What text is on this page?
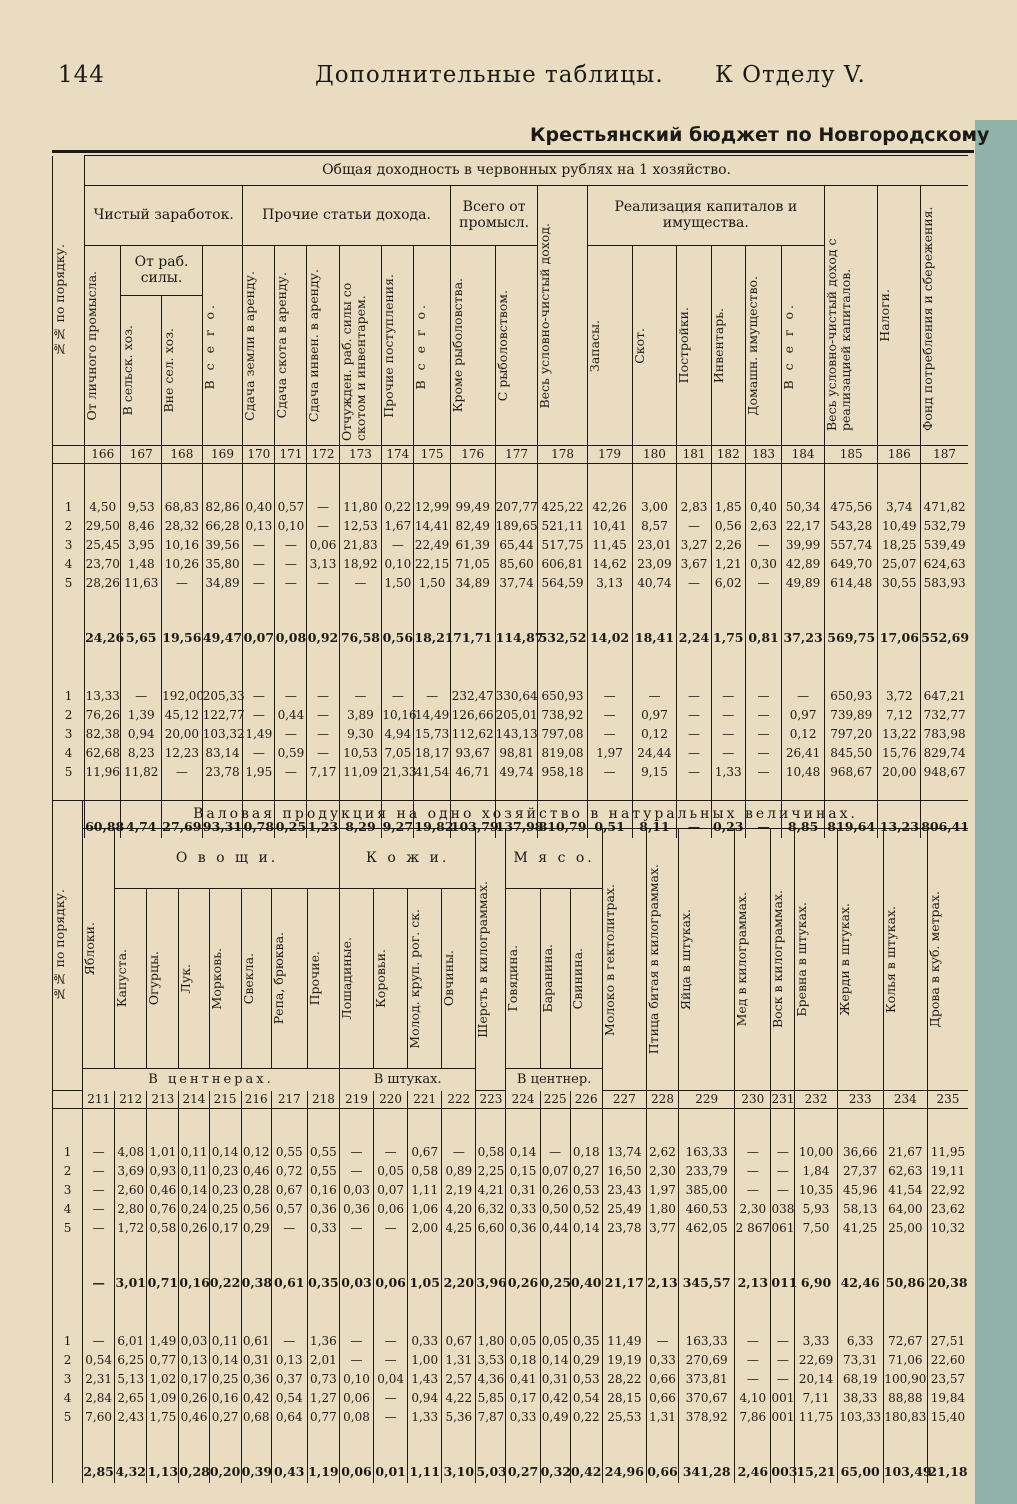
144	Дополнительные таблицы. К Отделу V.
Крестьянский бюджет по Новгородскому
№№ по порядку.	Общая доходность в червонных рублях на 1 хозяйство.																					
	Чистый заработок.				Прочие статьи дохода.						Всего от промысл.		Весь условно-чистый доход.	Реализация капиталов и имущества.						Весь условно-чистый доход с реализацией капиталов.	Налоги.	Фонд потребления и сбережения.

	От личного промысла.	От раб. силы.		В с е г о.	Сдача земли в аренду.	Сдача скота в аренду.	Сдача инвен. в аренду.	Отчужден. раб. силы со скотом и инвентарем.	Прочие поступления.	В с е г о.	Кроме рыболовства.	С рыболовством.		Запасы.	Скот.	Постройки.	Инвентарь.	Домашн. имущество.	В с е г о.			

		В сельск. хоз.	Вне сел. хоз.																			

	166	167	168	169	170	171	172	173	174	175	176	177	178	179	180	181	182	183	184	185	186	187

1	4,50	9,53	68,83	82,86	0,40	0,57	—	11,80	0,22	12,99	99,49	207,77	425,22	42,26	3,00	2,83	1,85	0,40	50,34	475,56	3,74	471,82
2	29,50	8,46	28,32	66,28	0,13	0,10	—	12,53	1,67	14,41	82,49	189,65	521,11	10,41	8,57	—	0,56	2,63	22,17	543,28	10,49	532,79
3	25,45	3,95	10,16	39,56	—	—	0,06	21,83	—	22,49	61,39	65,44	517,75	11,45	23,01	3,27	2,26	—	39,99	557,74	18,25	539,49
4	23,70	1,48	10,26	35,80	—	—	3,13	18,92	0,10	22,15	71,05	85,60	606,81	14,62	23,09	3,67	1,21	0,30	42,89	649,70	25,07	624,63
5	28,26	11,63	—	34,89	—	—	—	—	1,50	1,50	34,89	37,74	564,59	3,13	40,74	—	6,02	—	49,89	614,48	30,55	583,93

	24,26	5,65	19,56	49,47	0,07	0,08	0,92	76,58	0,56	18,21	71,71	114,87	532,52	14,02	18,41	2,24	1,75	0,81	37,23	569,75	17,06	552,69

1	13,33	—	192,00	205,33	—	—	—	—	—	—	232,47	330,64	650,93	—	—	—	—	—	—	650,93	3,72	647,21
2	76,26	1,39	45,12	122,77	—	0,44	—	3,89	10,16	14,49	126,66	205,01	738,92	—	0,97	—	—	—	0,97	739,89	7,12	732,77
3	82,38	0,94	20,00	103,32	1,49	—	—	9,30	4,94	15,73	112,62	143,13	797,08	—	0,12	—	—	—	0,12	797,20	13,22	783,98
4	62,68	8,23	12,23	83,14	—	0,59	—	10,53	7,05	18,17	93,67	98,81	819,08	1,97	24,44	—	—	—	26,41	845,50	15,76	829,74
5	11,96	11,82	—	23,78	1,95	—	7,17	11,09	21,33	41,54	46,71	49,74	958,18	—	9,15	—	1,33	—	10,48	968,67	20,00	948,67

	60,88	4,74	27,69	93,31	0,78	0,25	1,23	8,29	9,27	19,82	103,79	137,98	810,79	0,51	8,11	—	0,23	—	8,85	819,64	13,23	806,41
№№ по порядку.	Валовая продукция на одно хозяйство в натуральных величинах.																								

	Яблоки.	О в о щ и.							К о ж и.				Шерсть в килограммах.	М я с о.			Молоко в гектолитрах.	Птица битая в килограммах.	Яйца в штуках.	Мед в килограммах.	Воск в килограммах.	Бревна в штуках.	Жерди в штуках.	Колья в штуках.	Дрова в куб. метрах.

		Капуста.	Огурцы.	Лук.	Морковь.	Свекла.	Репа, брюква.	Прочие.	Лошадиные.	Коровьи.	Молод. круп. рог. ск.	Овчины.		Говядина.	Баранина.	Свинина.									

	В центнерах.								В штуках.					В центнер.											
	211	212	213	214	215	216	217	218	219	220	221	222	223	224	225	226	227	228	229	230	231	232	233	234	235

1	—	4,08	1,01	0,11	0,14	0,12	0,55	0,55	—	—	0,67	—	0,58	0,14	—	0,18	13,74	2,62	163,33	—	—	10,00	36,66	21,67	11,95
2	—	3,69	0,93	0,11	0,23	0,46	0,72	0,55	—	0,05	0,58	0,89	2,25	0,15	0,07	0,27	16,50	2,30	233,79	—	—	1,84	27,37	62,63	19,11
3	—	2,60	0,46	0,14	0,23	0,28	0,67	0,16	0,03	0,07	1,11	2,19	4,21	0,31	0,26	0,53	23,43	1,97	385,00	—	—	10,35	45,96	41,54	22,92
4	—	2,80	0,76	0,24	0,25	0,56	0,57	0,36	0,36	0,06	1,06	4,20	6,32	0,33	0,50	0,52	25,49	1,80	460,53	2,30	038	5,93	58,13	64,00	23,62
5	—	1,72	0,58	0,26	0,17	0,29	—	0,33	—	—	2,00	4,25	6,60	0,36	0,44	0,14	23,78	3,77	462,05	2 867	061	7,50	41,25	25,00	10,32

	—	3,01	0,71	0,16	0,22	0,38	0,61	0,35	0,03	0,06	1,05	2,20	3,96	0,26	0,25	0,40	21,17	2,13	345,57	2,13	011	6,90	42,46	50,86	20,38

1	—	6,01	1,49	0,03	0,11	0,61	—	1,36	—	—	0,33	0,67	1,80	0,05	0,05	0,35	11,49	—	163,33	—	—	3,33	6,33	72,67	27,51
2	0,54	6,25	0,77	0,13	0,14	0,31	0,13	2,01	—	—	1,00	1,31	3,53	0,18	0,14	0,29	19,19	0,33	270,69	—	—	22,69	73,31	71,06	22,60
3	2,31	5,13	1,02	0,17	0,25	0,36	0,37	0,73	0,10	0,04	1,43	2,57	4,36	0,41	0,31	0,53	28,22	0,66	373,81	—	—	20,14	68,19	100,90	23,57
4	2,84	2,65	1,09	0,26	0,16	0,42	0,54	1,27	0,06	—	0,94	4,22	5,85	0,17	0,42	0,54	28,15	0,66	370,67	4,10	001	7,11	38,33	88,88	19,84
5	7,60	2,43	1,75	0,46	0,27	0,68	0,64	0,77	0,08	—	1,33	5,36	7,87	0,33	0,49	0,22	25,53	1,31	378,92	7,86	001	11,75	103,33	180,83	15,40

	2,85	4,32	1,13	0,28	0,20	0,39	0,43	1,19	0,06	0,01	1,11	3,10	5,03	0,27	0,32	0,42	24,96	0,66	341,28	2,46	003	15,21	65,00	103,49	21,18
